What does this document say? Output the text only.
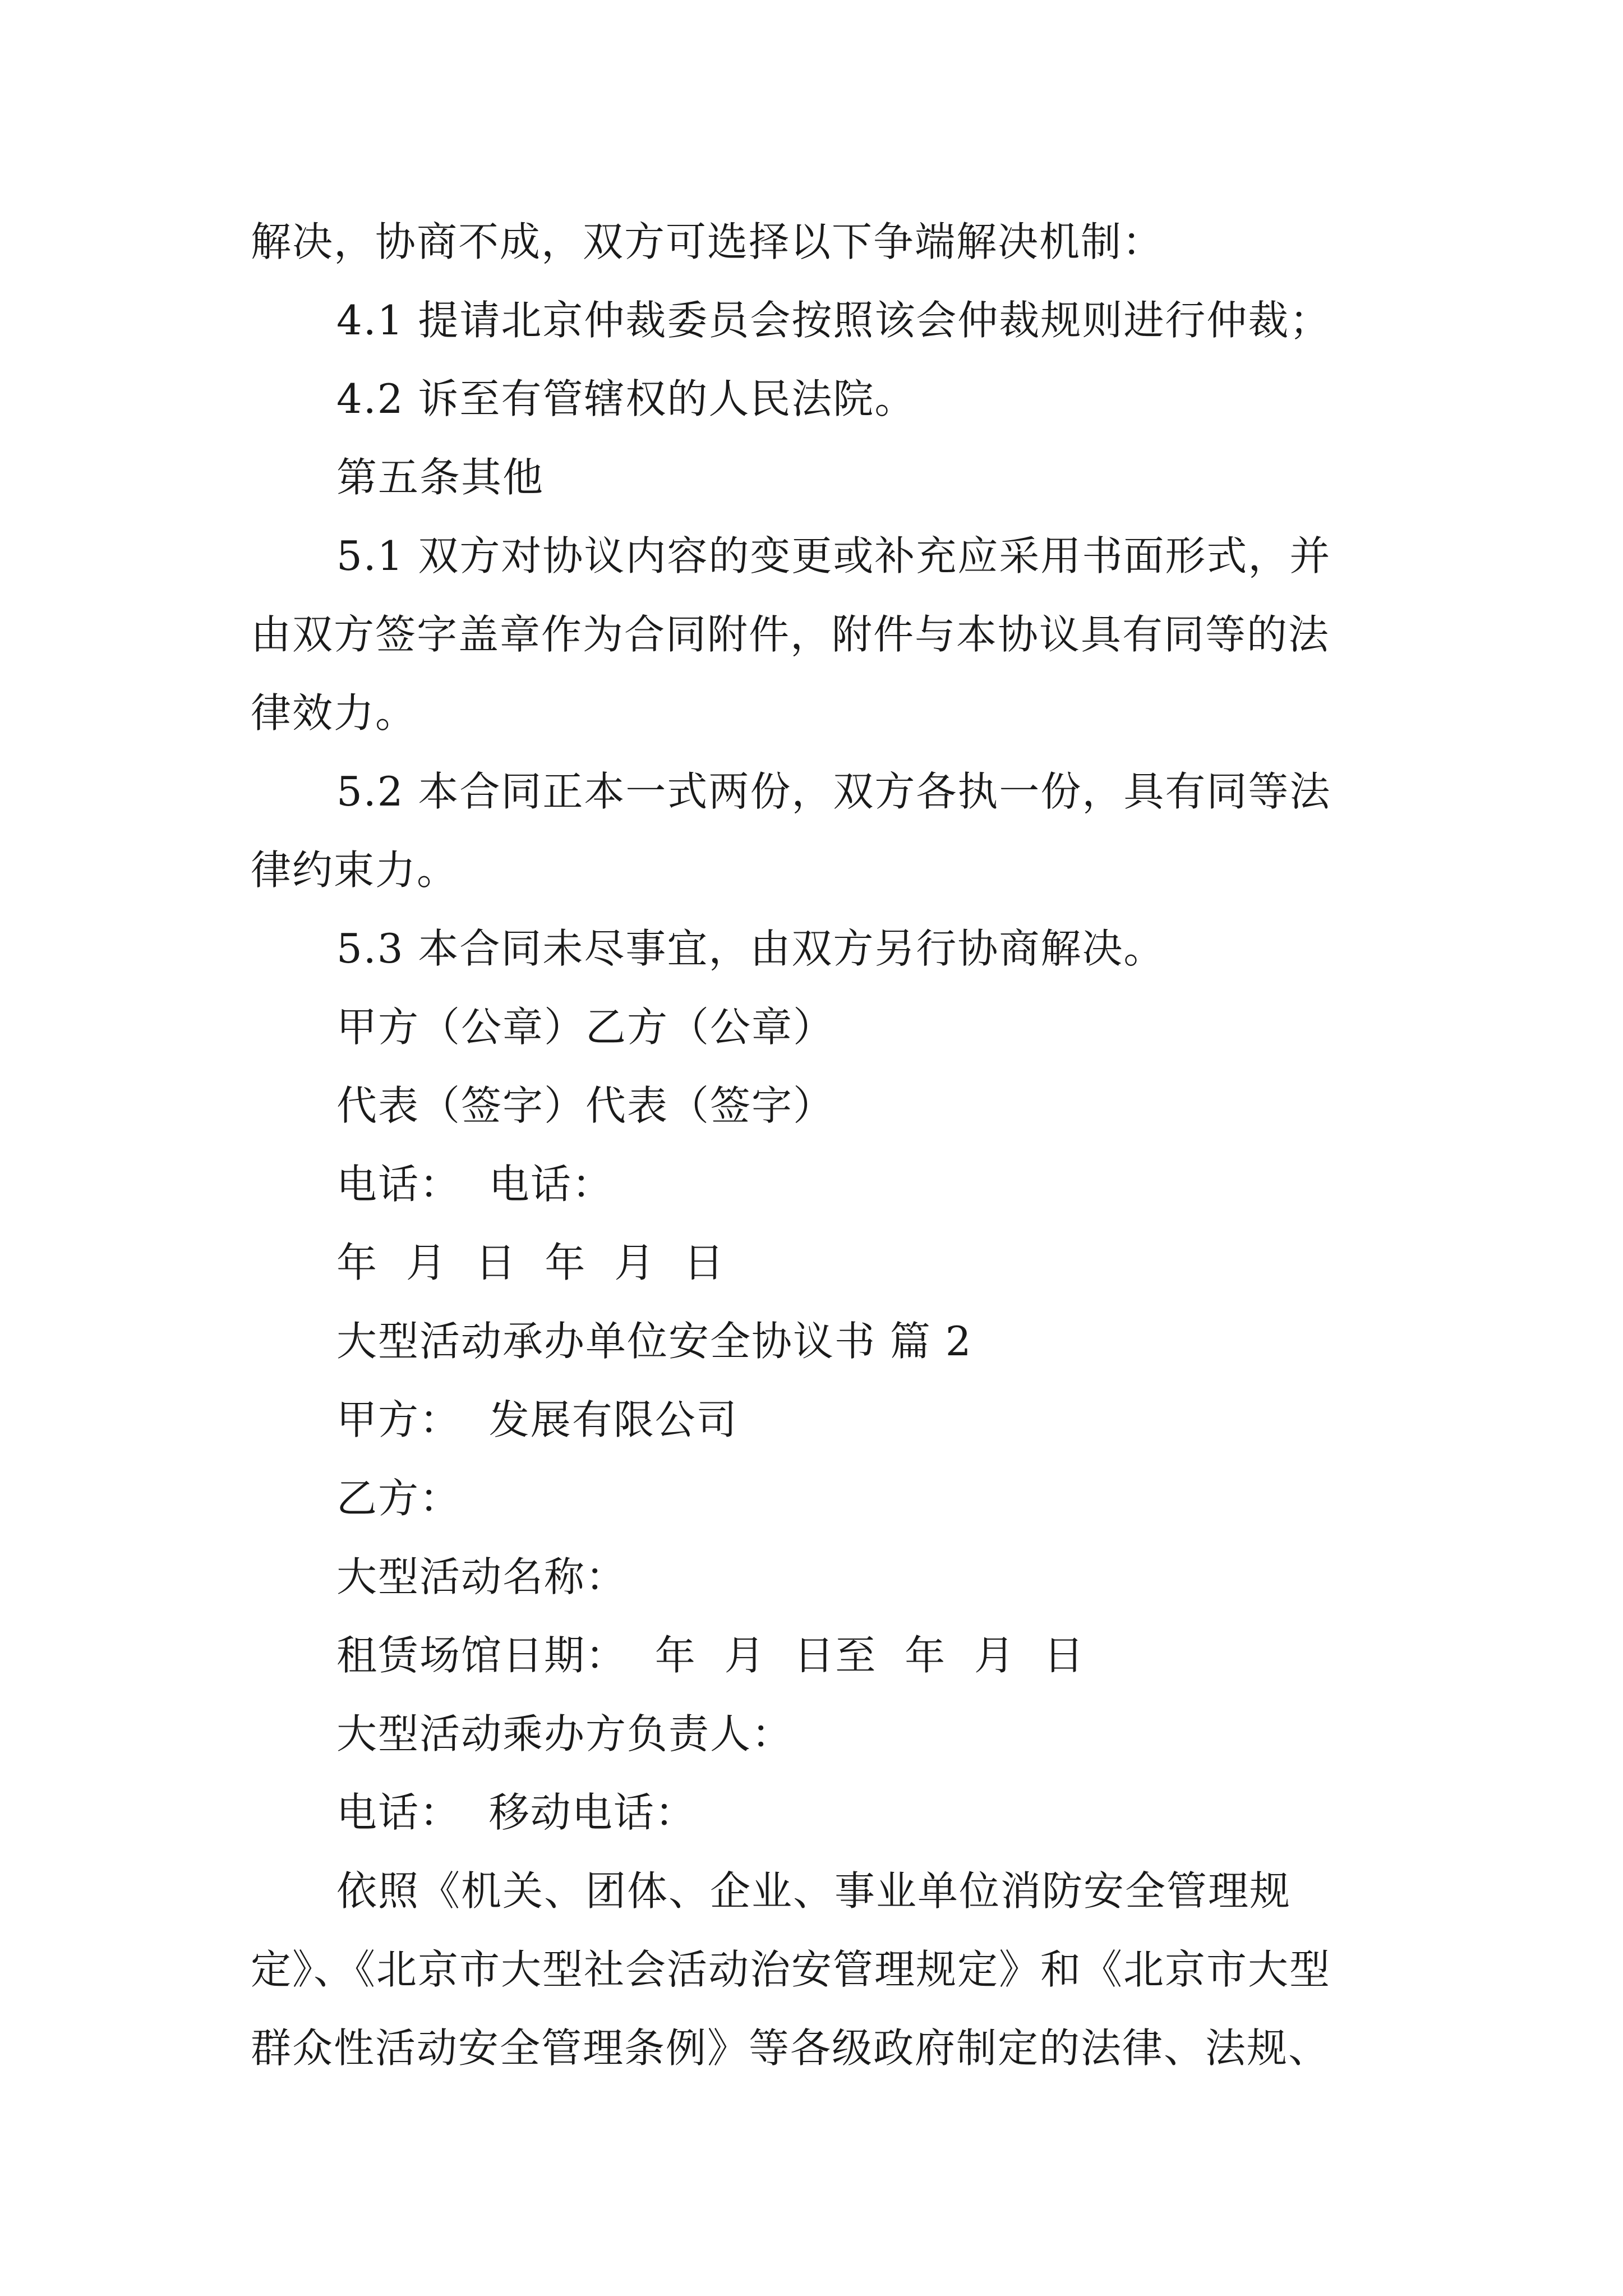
解决，协商不成，双方可选择以下争端解决机制：
4.1 提请北京仲裁委员会按照该会仲裁规则进行仲裁；
4.2 诉至有管辖权的人民法院。
第五条其他
5.1 双方对协议内容的变更或补充应采用书面形式，并
由双方签字盖章作为合同附件，附件与本协议具有同等的法
律效力。
5.2 本合同正本一式两份，双方各执一份，具有同等法
律约束力。
5.3 本合同未尽事宜，由双方另行协商解决。
甲方（公章）乙方（公章）
代表（签字）代表（签字）
电话：  电话：
年  月  日  年  月  日
大型活动承办单位安全协议书 篇 2
甲方：  发展有限公司
乙方：
大型活动名称：
租赁场馆日期：  年  月  日至  年  月  日
大型活动乘办方负责人：
电话：  移动电话：
依照《机关、团体、企业、事业单位消防安全管理规
定》、《北京市大型社会活动治安管理规定》和《北京市大型
群众性活动安全管理条例》等各级政府制定的法律、法规、
